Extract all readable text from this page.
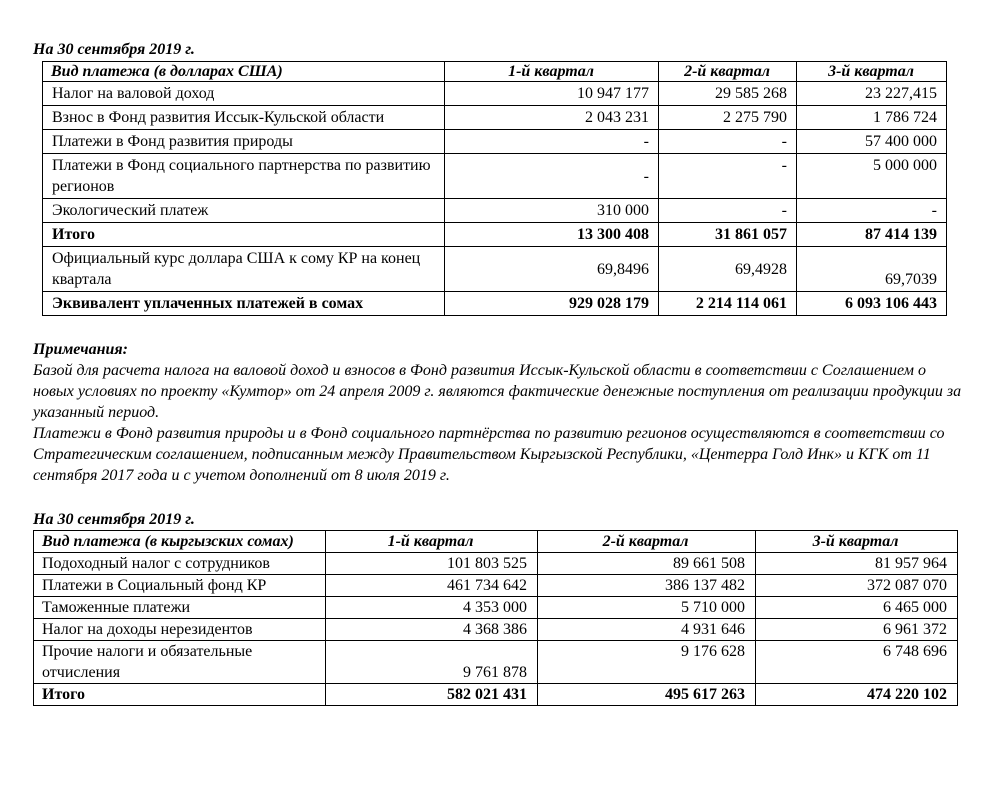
На 30 сентября 2019 г.
Вид платежа (в долларах США)	1-й квартал	2-й квартал	3-й квартал
Налог на валовой доход	10 947 177	29 585 268	23 227,415
Взнос в Фонд развития Иссык-Кульской области	2 043 231	2 275 790	1 786 724
Платежи в Фонд развития природы	-	-	57 400 000
Платежи в Фонд социального партнерства по развитию регионов	-	-	5 000 000
Экологический платеж	310 000	-	-
Итого	13 300 408	31 861 057	87 414 139
Официальный курс доллара США к сому КР на конец квартала	69,8496	69,4928	69,7039
Эквивалент уплаченных платежей в сомах	929 028 179	2 214 114 061	6 093 106 443
Примечания:

Базой для расчета налога на валовой доход и взносов в Фонд развития Иссык-Кульской области в соответствии с Соглашением о новых условиях по проекту «Кумтор» от 24 апреля 2009 г. являются фактические денежные поступления от реализации продукции за указанный период.

Платежи в Фонд развития природы и в Фонд социального партнёрства по развитию регионов осуществляются в соответствии со Стратегическим соглашением, подписанным между Правительством Кыргызской Республики, «Центерра Голд Инк» и КГК от 11 сентября 2017 года и с учетом дополнений от 8 июля 2019 г.

На 30 сентября 2019 г.
Вид платежа (в кыргызских сомах)	1-й квартал	2-й квартал	3-й квартал
Подоходный налог с сотрудников	101 803 525	89 661 508	81 957 964
Платежи в Социальный фонд КР	461 734 642	386 137 482	372 087 070
Таможенные платежи	4 353 000	5 710 000	6 465 000
Налог на доходы нерезидентов	4 368 386	4 931 646	6 961 372
Прочие налоги и обязательные отчисления	9 761 878	9 176 628	6 748 696
Итого	582 021 431	495 617 263	474 220 102
